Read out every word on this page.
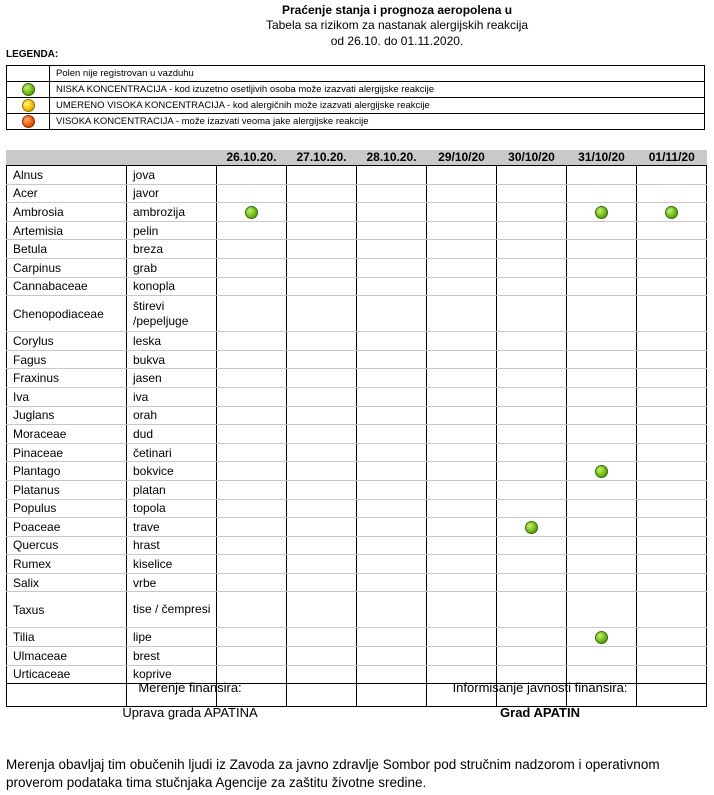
Praćenje stanja i prognoza aeropolena u
Tabela sa rizikom za nastanak alergijskih reakcija
od 26.10. do 01.11.2020.
LEGENDA:
	Polen nije registrovan u vazduhu
	NISKA KONCENTRACIJA - kod izuzetno osetljivih osoba može izazvati alergijske reakcije
	UMERENO VISOKA KONCENTRACIJA - kod alergičnih može izazvati alergijske reakcije
	VISOKA KONCENTRACIJA - može izazvati veoma jake alergijske reakcije
		26.10.20.	27.10.20.	28.10.20.	29/10/20	30/10/20	31/10/20	01/11/20
Alnus	jova							
Acer	javor							
Ambrosia	ambrozija							
Artemisia	pelin							
Betula	breza							
Carpinus	grab							
Cannabaceae	konopla							
Chenopodiaceae	štirevi /pepeljuge							
Corylus	leska							
Fagus	bukva							
Fraxinus	jasen							
Iva	iva							
Juglans	orah							
Moraceae	dud							
Pinaceae	četinari							
Plantago	bokvice							
Platanus	platan							
Populus	topola							
Poaceae	trave							
Quercus	hrast							
Rumex	kiselice							
Salix	vrbe							
Taxus	tise / čempresi							
Tilia	lipe							
Ulmaceae	brest							
Urticaceae	koprive							

Merenje finansira:	Informisanje javnosti finansira:
Uprava grada APATINA	Grad APATIN
Merenja obavljaj tim obučenih ljudi iz Zavoda za javno zdravlje Sombor pod stručnim nadzorom i operativnom proverom podataka tima stučnjaka Agencije za zaštitu životne sredine.
